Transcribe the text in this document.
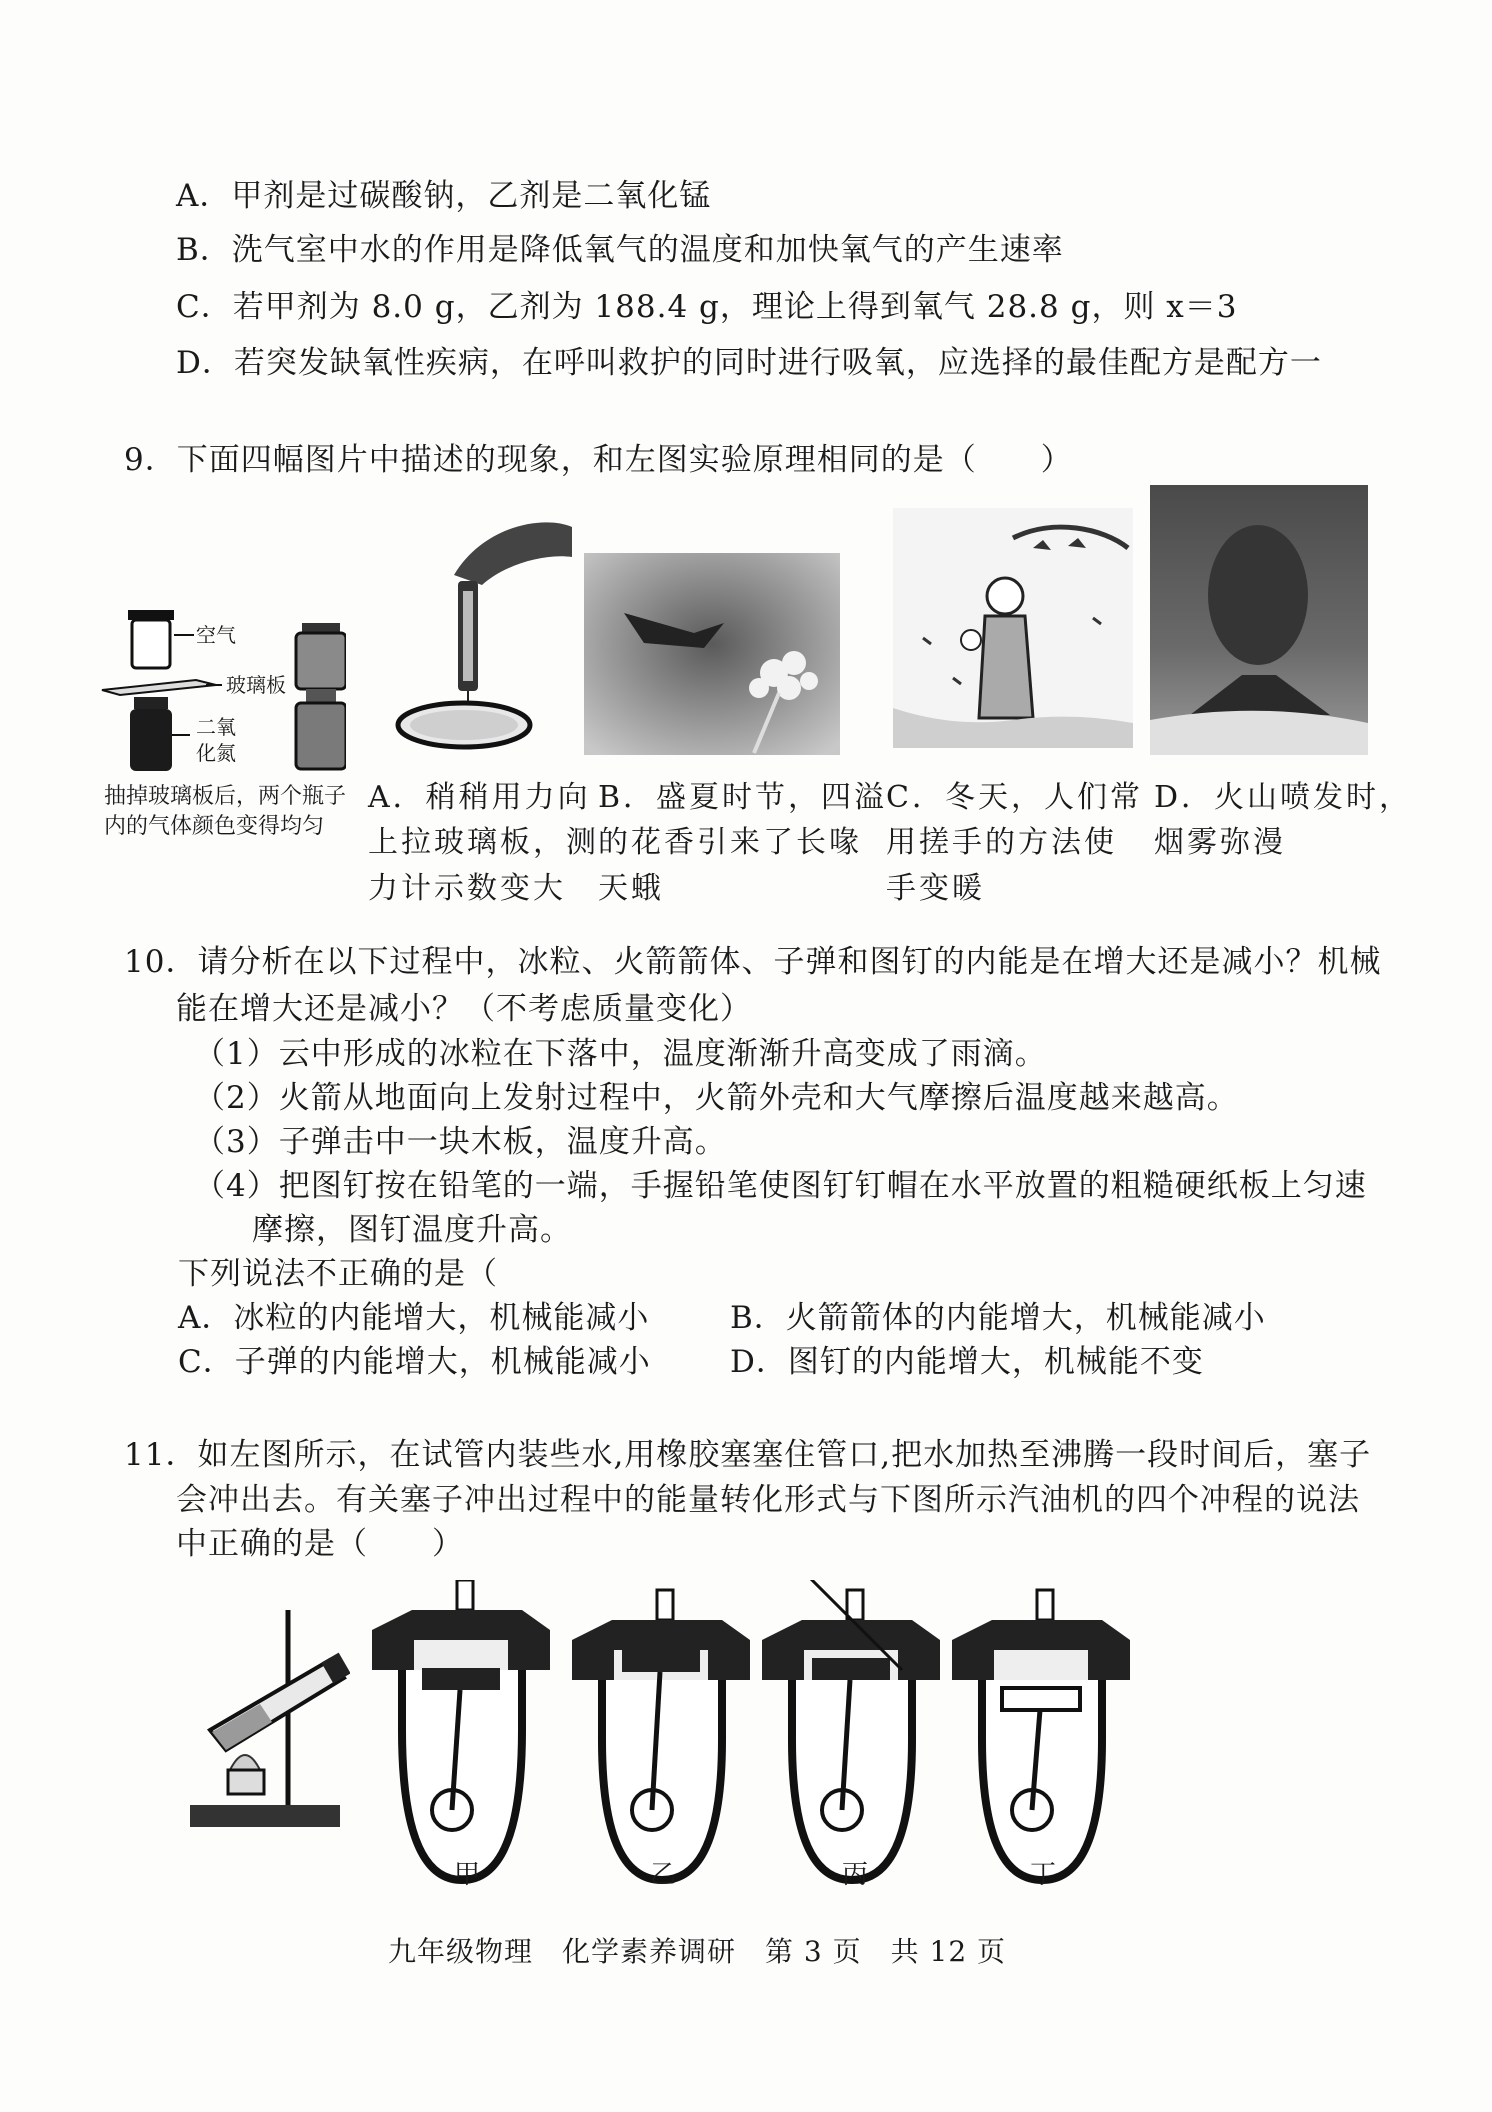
A．甲剂是过碳酸钠，乙剂是二氧化锰
B．洗气室中水的作用是降低氧气的温度和加快氧气的产生速率
C．若甲剂为 8.0 g，乙剂为 188.4 g，理论上得到氧气 28.8 g，则 x＝3
D．若突发缺氧性疾病，在呼叫救护的同时进行吸氧，应选择的最佳配方是配方一
9．下面四幅图片中描述的现象，和左图实验原理相同的是（　　）
空气
玻璃板
二氧
化氮
抽掉玻璃板后，两个瓶子
内的气体颜色变得均匀
A．稍稍用力向
上拉玻璃板，测
力计示数变大
B．盛夏时节，四溢
的花香引来了长喙
天蛾
C．冬天，人们常
用搓手的方法使
手变暖
D．火山喷发时，
烟雾弥漫
10．请分析在以下过程中，冰粒、火箭箭体、子弹和图钉的内能是在增大还是减小？机械
能在增大还是减小？（不考虑质量变化）
（1）云中形成的冰粒在下落中，温度渐渐升高变成了雨滴。
（2）火箭从地面向上发射过程中，火箭外壳和大气摩擦后温度越来越高。
（3）子弹击中一块木板，温度升高。
（4）把图钉按在铅笔的一端，手握铅笔使图钉钉帽在水平放置的粗糙硬纸板上匀速
摩擦，图钉温度升高。
下列说法不正确的是（
A．冰粒的内能增大，机械能减小	B．火箭箭体的内能增大，机械能减小
C．子弹的内能增大，机械能减小	D．图钉的内能增大，机械能不变
11．如左图所示，在试管内装些水,用橡胶塞塞住管口,把水加热至沸腾一段时间后，塞子
会冲出去。有关塞子冲出过程中的能量转化形式与下图所示汽油机的四个冲程的说法
中正确的是（　　）
甲	乙	丙	丁
九年级物理　化学素养调研　第 3 页　共 12 页
